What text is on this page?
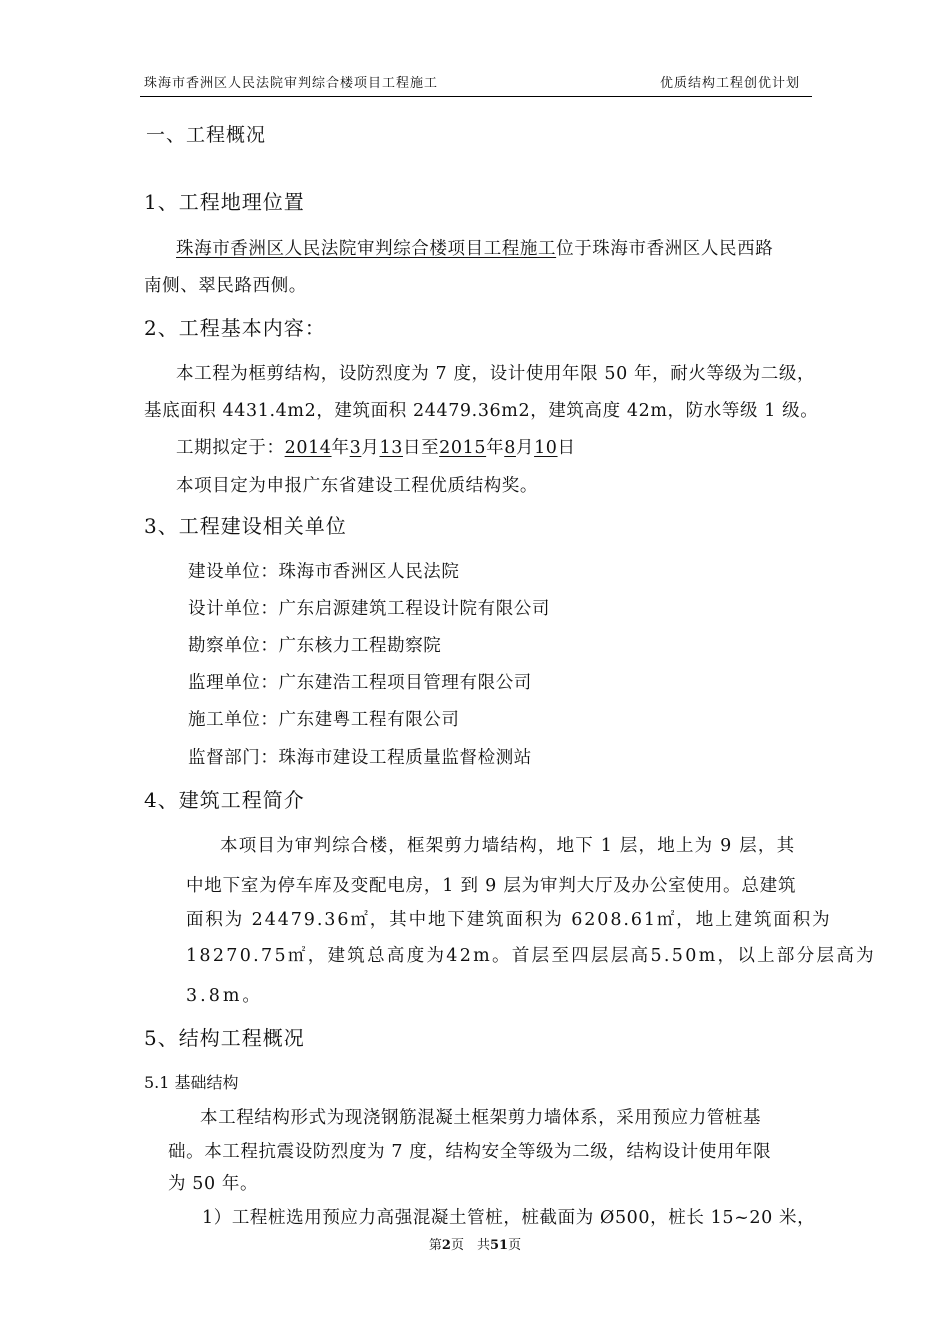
珠海市香洲区人民法院审判综合楼项目工程施工	优质结构工程创优计划
一、工程概况
1、工程地理位置
珠海市香洲区人民法院审判综合楼项目工程施工位于珠海市香洲区人民西路
南侧、翠民路西侧。
2、工程基本内容：
本工程为框剪结构，设防烈度为 7 度，设计使用年限 50 年，耐火等级为二级，
基底面积 4431.4m2，建筑面积 24479.36m2，建筑高度 42m，防水等级 1 级。
工期拟定于：2014年3月13日至2015年8月10日
本项目定为申报广东省建设工程优质结构奖。
3、工程建设相关单位
建设单位：珠海市香洲区人民法院
设计单位：广东启源建筑工程设计院有限公司
勘察单位：广东核力工程勘察院
监理单位：广东建浩工程项目管理有限公司
施工单位：广东建粤工程有限公司
监督部门：珠海市建设工程质量监督检测站
4、建筑工程简介
本项目为审判综合楼，框架剪力墙结构，地下 1 层，地上为 9 层，其
中地下室为停车库及变配电房，1 到 9 层为审判大厅及办公室使用。总建筑
面积为 24479.36㎡，其中地下建筑面积为 6208.61㎡，地上建筑面积为
18270.75㎡，建筑总高度为42m。首层至四层层高5.50m，以上部分层高为
3.8m。
5、结构工程概况
5.1 基础结构
本工程结构形式为现浇钢筋混凝土框架剪力墙体系，采用预应力管桩基
础。本工程抗震设防烈度为 7 度，结构安全等级为二级，结构设计使用年限
为 50 年。
1）工程桩选用预应力高强混凝土管桩，桩截面为 Ø500，桩长 15~20 米，
第2页　共51页
